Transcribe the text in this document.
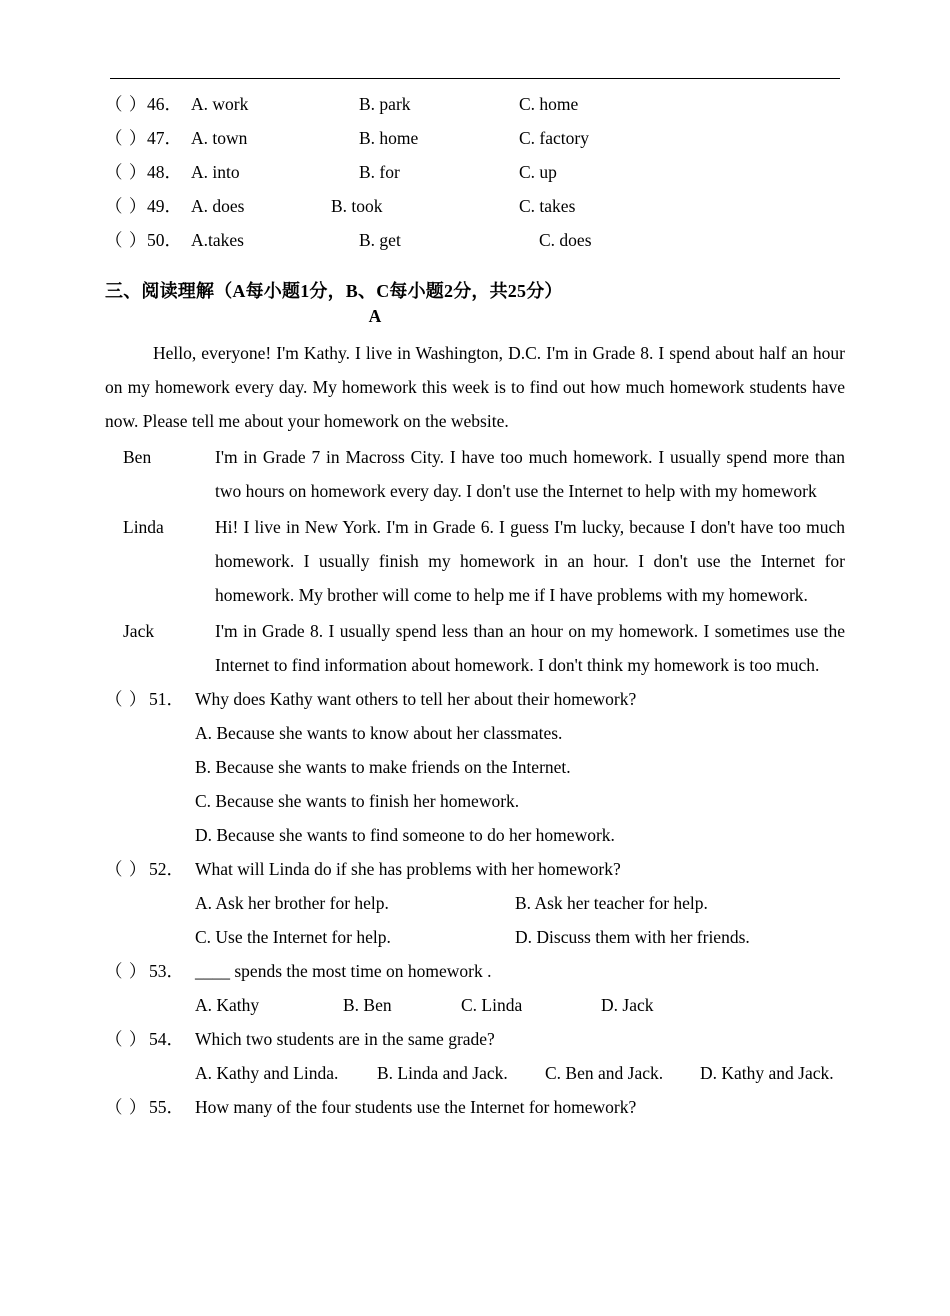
（ ） 46． A. work	B. park	C. home
（ ） 47． A. town	B. home	C. factory
（ ） 48． A. into	B. for	C. up
（ ） 49． A. does	B. took	C. takes
（ ） 50． A.takes	B. get	C. does
三、阅读理解（A每小题1分，B、C每小题2分，共25分）
A

Hello, everyone! I'm Kathy. I live in Washington, D.C. I'm in Grade 8. I spend about half an hour on my homework every day. My homework this week is to find out how much homework students have now. Please tell me about your homework on the website.

Ben	I'm in Grade 7 in Macross City. I have too much homework. I usually spend more than two hours on homework every day. I don't use the Internet to help with my homework
Linda	Hi! I live in New York. I'm in Grade 6. I guess I'm lucky, because I don't have too much homework. I usually finish my homework in an hour. I don't use the Internet for homework. My brother will come to help me if I have problems with my homework.
Jack	I'm in Grade 8. I usually spend less than an hour on my homework. I sometimes use the Internet to find information about homework. I don't think my homework is too much.
（ ） 51． Why does Kathy want others to tell her about their homework?
A. Because she wants to know about her classmates.
B. Because she wants to make friends on the Internet.
C. Because she wants to finish her homework.
D. Because she wants to find someone to do her homework.
（ ） 52． What will Linda do if she has problems with her homework?
A. Ask her brother for help.	B. Ask her teacher for help.
C. Use the Internet for help.	D. Discuss them with her friends.
（ ） 53． ____ spends the most time on homework .
A. Kathy	B. Ben	C. Linda	D. Jack
（ ） 54． Which two students are in the same grade?
A. Kathy and Linda.	B. Linda and Jack.	C. Ben and Jack.	D. Kathy and Jack.
（ ） 55． How many of the four students use the Internet for homework?
